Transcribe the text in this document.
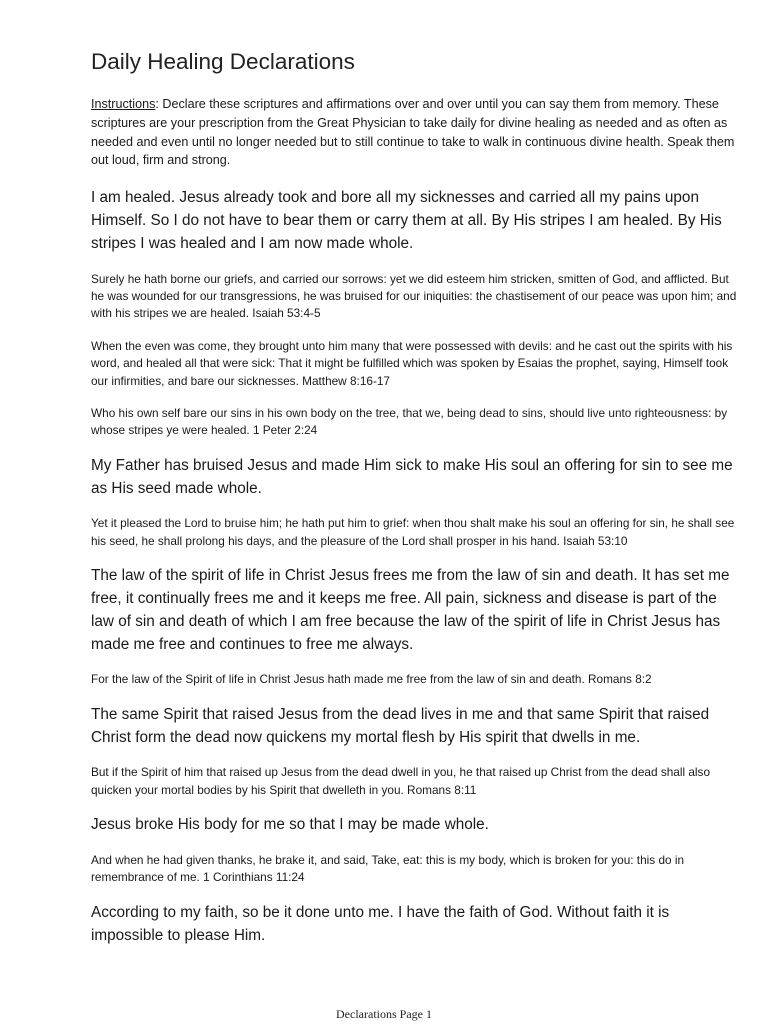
Daily Healing Declarations

Instructions: Declare these scriptures and affirmations over and over until you can say them from memory. These scriptures are your prescription from the Great Physician to take daily for divine healing as needed and as often as needed and even until no longer needed but to still continue to take to walk in continuous divine health. Speak them out loud, firm and strong.

I am healed. Jesus already took and bore all my sicknesses and carried all my pains upon Himself. So I do not have to bear them or carry them at all. By His stripes I am healed. By His stripes I was healed and I am now made whole.

Surely he hath borne our griefs, and carried our sorrows: yet we did esteem him stricken, smitten of God, and afflicted. But he was wounded for our transgressions, he was bruised for our iniquities: the chastisement of our peace was upon him; and with his stripes we are healed. Isaiah 53:4-5

When the even was come, they brought unto him many that were possessed with devils: and he cast out the spirits with his word, and healed all that were sick: That it might be fulfilled which was spoken by Esaias the prophet, saying, Himself took our infirmities, and bare our sicknesses. Matthew 8:16-17

Who his own self bare our sins in his own body on the tree, that we, being dead to sins, should live unto righteousness: by whose stripes ye were healed. 1 Peter 2:24

My Father has bruised Jesus and made Him sick to make His soul an offering for sin to see me as His seed made whole.

Yet it pleased the Lord to bruise him; he hath put him to grief: when thou shalt make his soul an offering for sin, he shall see his seed, he shall prolong his days, and the pleasure of the Lord shall prosper in his hand. Isaiah 53:10

The law of the spirit of life in Christ Jesus frees me from the law of sin and death. It has set me free, it continually frees me and it keeps me free. All pain, sickness and disease is part of the law of sin and death of which I am free because the law of the spirit of life in Christ Jesus has made me free and continues to free me always.

For the law of the Spirit of life in Christ Jesus hath made me free from the law of sin and death. Romans 8:2

The same Spirit that raised Jesus from the dead lives in me and that same Spirit that raised Christ form the dead now quickens my mortal flesh by His spirit that dwells in me.

But if the Spirit of him that raised up Jesus from the dead dwell in you, he that raised up Christ from the dead shall also quicken your mortal bodies by his Spirit that dwelleth in you. Romans 8:11

Jesus broke His body for me so that I may be made whole.

And when he had given thanks, he brake it, and said, Take, eat: this is my body, which is broken for you: this do in remembrance of me. 1 Corinthians 11:24

According to my faith, so be it done unto me. I have the faith of God. Without faith it is impossible to please Him.

Declarations Page 1
